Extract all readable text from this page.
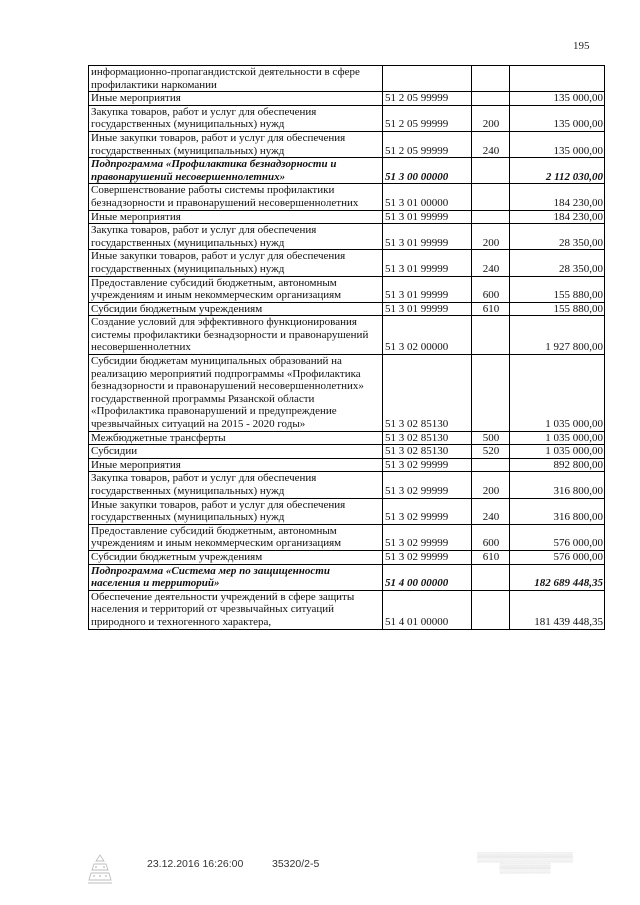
195
информационно-пропагандистской деятельности в сфере профилактики наркомании			
Иные мероприятия	51 2 05 99999		135 000,00
Закупка товаров, работ и услуг для обеспечения государственных (муниципальных) нужд	51 2 05 99999	200	135 000,00
Иные закупки товаров, работ и услуг для обеспечения государственных (муниципальных) нужд	51 2 05 99999	240	135 000,00
Подпрограмма «Профилактика безнадзорности и правонарушений несовершеннолетних»	51 3 00 00000		2 112 030,00
Совершенствование работы системы профилактики безнадзорности и правонарушений несовершеннолетних	51 3 01 00000		184 230,00
Иные мероприятия	51 3 01 99999		184 230,00
Закупка товаров, работ и услуг для обеспечения государственных (муниципальных) нужд	51 3 01 99999	200	28 350,00
Иные закупки товаров, работ и услуг для обеспечения государственных (муниципальных) нужд	51 3 01 99999	240	28 350,00
Предоставление субсидий бюджетным, автономным учреждениям и иным некоммерческим организациям	51 3 01 99999	600	155 880,00
Субсидии бюджетным учреждениям	51 3 01 99999	610	155 880,00
Создание условий для эффективного функционирования системы профилактики безнадзорности и правонарушений несовершеннолетних	51 3 02 00000		1 927 800,00
Субсидии бюджетам муниципальных образований на реализацию мероприятий подпрограммы «Профилактика безнадзорности и правонарушений несовершеннолетних» государственной программы Рязанской области «Профилактика правонарушений и предупреждение чрезвычайных ситуаций на 2015 - 2020 годы»	51 3 02 85130		1 035 000,00
Межбюджетные трансферты	51 3 02 85130	500	1 035 000,00
Субсидии	51 3 02 85130	520	1 035 000,00
Иные мероприятия	51 3 02 99999		892 800,00
Закупка товаров, работ и услуг для обеспечения государственных (муниципальных) нужд	51 3 02 99999	200	316 800,00
Иные закупки товаров, работ и услуг для обеспечения государственных (муниципальных) нужд	51 3 02 99999	240	316 800,00
Предоставление субсидий бюджетным, автономным учреждениям и иным некоммерческим организациям	51 3 02 99999	600	576 000,00
Субсидии бюджетным учреждениям	51 3 02 99999	610	576 000,00
Подпрограмма «Система мер по защищенности населения и территорий»	51 4 00 00000		182 689 448,35
Обеспечение деятельности учреждений в сфере защиты населения и территорий от чрезвычайных ситуаций природного и техногенного характера,	51 4 01 00000		181 439 448,35
23.12.2016 16:26:00	35320/2-5
▒▒▒▒▒▒▒▒▒▒▒▒▒▒▒
▒▒▒▒▒▒▒▒
